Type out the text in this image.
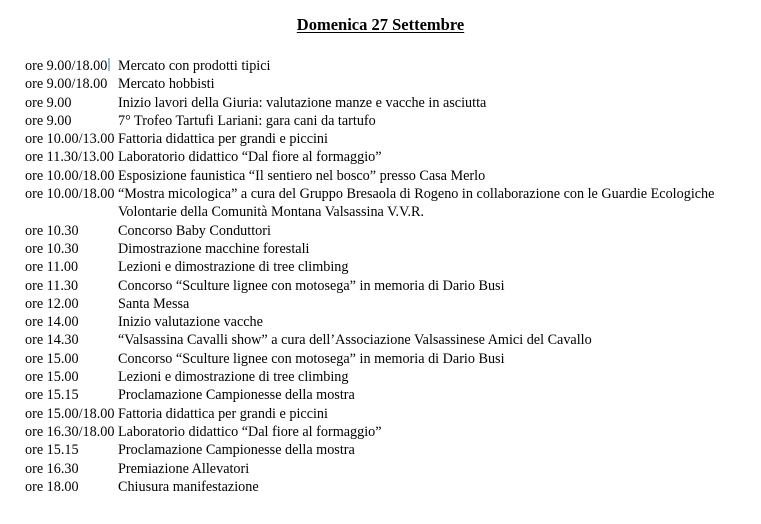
Domenica 27 Settembre
ore 9.00/18.00 Mercato con prodotti tipici
ore 9.00/18.00 Mercato hobbisti
ore 9.00	Inizio lavori della Giuria: valutazione manze e vacche in asciutta
ore 9.00	7° Trofeo Tartufi Lariani: gara cani da tartufo
ore 10.00/13.00 Fattoria didattica per grandi e piccini
ore 11.30/13.00 Laboratorio didattico “Dal fiore al formaggio”
ore 10.00/18.00 Esposizione faunistica “Il sentiero nel bosco” presso Casa Merlo
ore 10.00/18.00 “Mostra micologica” a cura del Gruppo Bresaola di Rogeno in collaborazione con le Guardie Ecologiche Volontarie della Comunità Montana Valsassina V.V.R.
ore 10.30	Concorso Baby Conduttori
ore 10.30	Dimostrazione macchine forestali
ore 11.00	Lezioni e dimostrazione di tree climbing
ore 11.30	Concorso “Sculture lignee con motosega” in memoria di Dario Busi
ore 12.00	Santa Messa
ore 14.00	Inizio valutazione vacche
ore 14.30	“Valsassina Cavalli show” a cura dell’Associazione Valsassinese Amici del Cavallo
ore 15.00	Concorso “Sculture lignee con motosega” in memoria di Dario Busi
ore 15.00	Lezioni e dimostrazione di tree climbing
ore 15.15	Proclamazione Campionesse della mostra
ore 15.00/18.00 Fattoria didattica per grandi e piccini
ore 16.30/18.00 Laboratorio didattico “Dal fiore al formaggio”
ore 15.15	Proclamazione Campionesse della mostra
ore 16.30	Premiazione Allevatori
ore 18.00	Chiusura manifestazione
